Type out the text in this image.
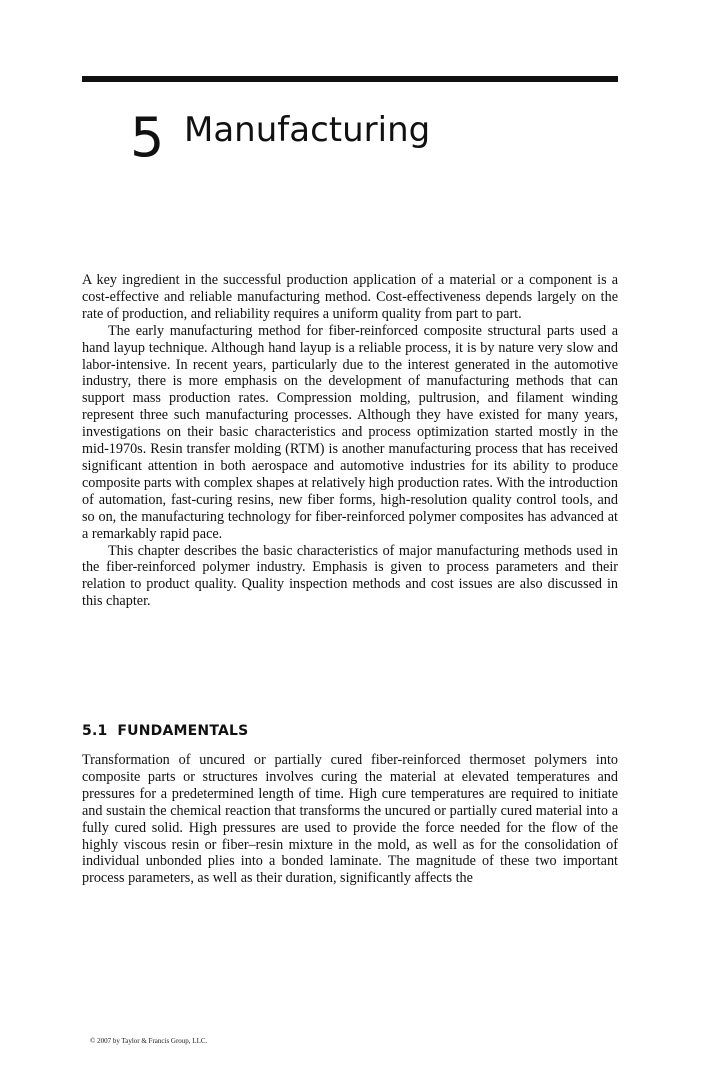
5 Manufacturing

A key ingredient in the successful production application of a material or a component is a cost-effective and reliable manufacturing method. Cost-effectiveness depends largely on the rate of production, and reliability requires a uniform quality from part to part.

The early manufacturing method for fiber-reinforced composite structural parts used a hand layup technique. Although hand layup is a reliable process, it is by nature very slow and labor-intensive. In recent years, particularly due to the interest generated in the automotive industry, there is more emphasis on the development of manufacturing methods that can support mass production rates. Compression molding, pultrusion, and filament winding represent three such manufacturing processes. Although they have existed for many years, investigations on their basic characteristics and process optimization started mostly in the mid-1970s. Resin transfer molding (RTM) is another manufacturing process that has received significant attention in both aerospace and automotive industries for its ability to produce composite parts with complex shapes at relatively high production rates. With the introduction of automation, fast-curing resins, new fiber forms, high-resolution quality control tools, and so on, the manufacturing technology for fiber-reinforced polymer composites has advanced at a remarkably rapid pace.

This chapter describes the basic characteristics of major manufacturing methods used in the fiber-reinforced polymer industry. Emphasis is given to process parameters and their relation to product quality. Quality inspection methods and cost issues are also discussed in this chapter.

5.1 FUNDAMENTALS

Transformation of uncured or partially cured fiber-reinforced thermoset polymers into composite parts or structures involves curing the material at elevated temperatures and pressures for a predetermined length of time. High cure temperatures are required to initiate and sustain the chemical reaction that transforms the uncured or partially cured material into a fully cured solid. High pressures are used to provide the force needed for the flow of the highly viscous resin or fiber–resin mixture in the mold, as well as for the consolidation of individual unbonded plies into a bonded laminate. The magnitude of these two important process parameters, as well as their duration, significantly affects the

© 2007 by Taylor & Francis Group, LLC.
